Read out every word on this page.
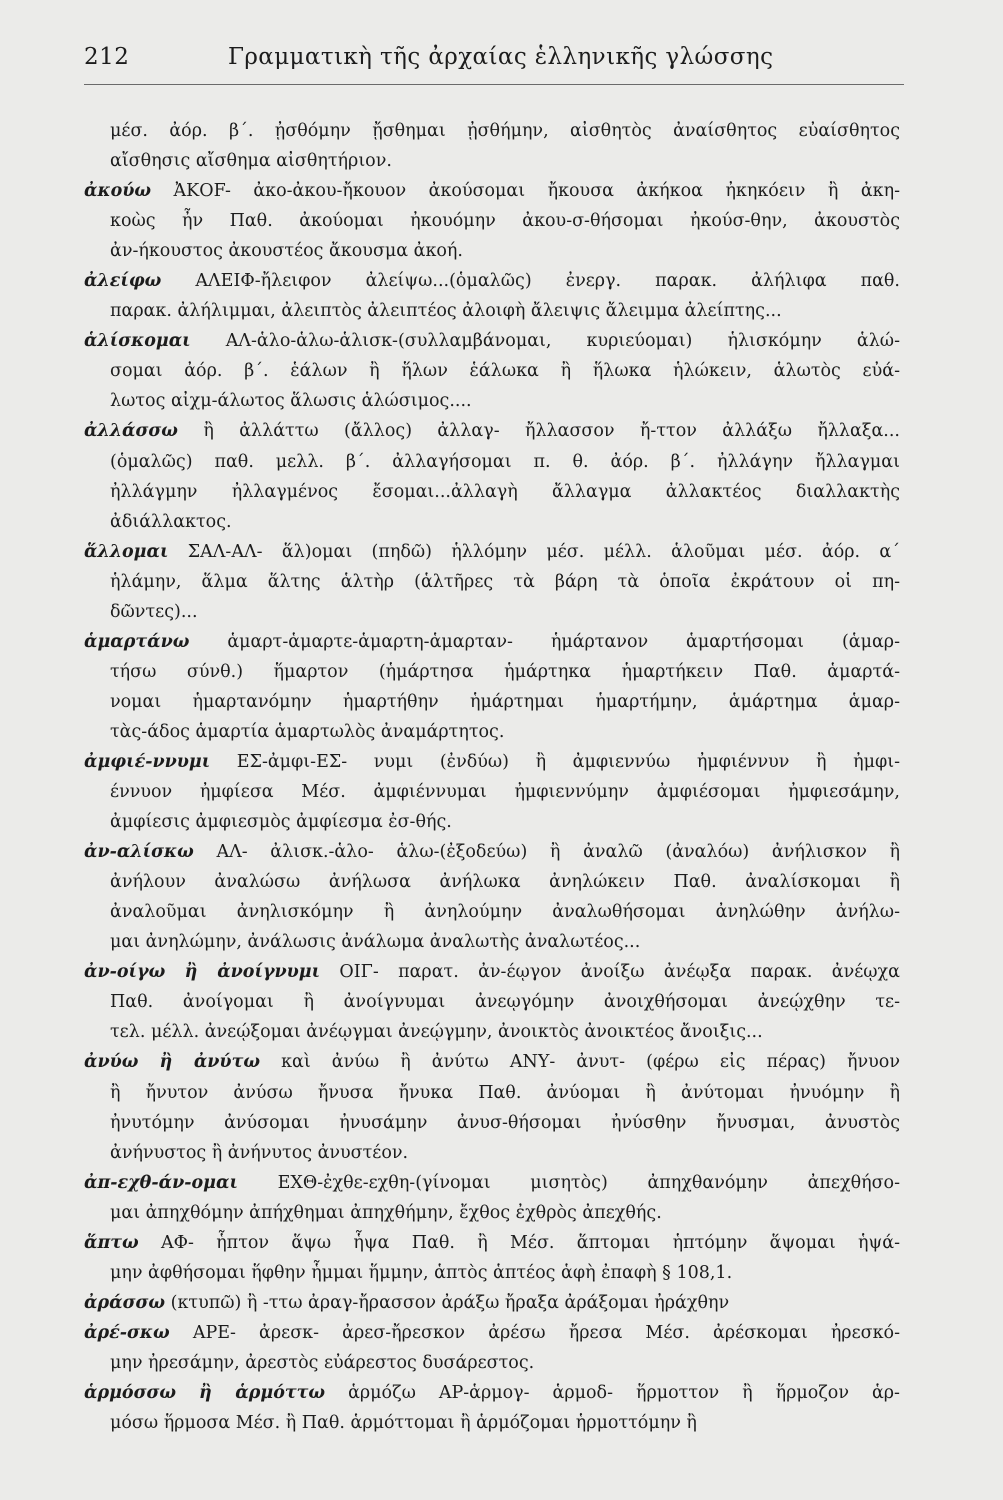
212	Γραμματικὴ τῆς ἀρχαίας ἑλληνικῆς γλώσσης
μέσ. ἀόρ. β΄. ᾐσθόμην ᾔσθημαι ᾐσθήμην, αἰσθητὸς ἀναίσθητος εὐαίσθητος
αἴσθησις αἴσθημα αἰσθητήριον.
ἀκούω ἈΚΟF- ἀκο-ἀκου-ἤκουον ἀκούσομαι ἤκουσα ἀκήκοα ἠκηκόειν ἢ ἀκη-
κοὼς ἦν Παθ. ἀκούομαι ἠκουόμην ἀκου-σ-θήσομαι ἠκούσ-θην, ἀκουστὸς
ἀν-ήκουστος ἀκουστέος ἄκουσμα ἀκοή.
ἀλείφω ΑΛΕΙΦ-ἤλειφον ἀλείψω...(ὁμαλῶς) ἐνεργ. παρακ. ἀλήλιφα παθ.
παρακ. ἀλήλιμμαι, ἀλειπτὸς ἀλειπτέος ἀλοιφὴ ἄλειψις ἄλειμμα ἀλείπτης...
ἁλίσκομαι ΑΛ-ἁλο-ἁλω-ἁλισκ-(συλλαμβάνομαι, κυριεύομαι) ἡλισκόμην ἁλώ-
σομαι ἀόρ. β΄. ἑάλων ἢ ἥλων ἑάλωκα ἢ ἥλωκα ἡλώκειν, ἁλωτὸς εὐά-
λωτος αἰχμ-άλωτος ἅλωσις ἁλώσιμος....
ἀλλάσσω ἢ ἀλλάττω (ἄλλος) ἀλλαγ- ἤλλασσον ἤ-ττον ἀλλάξω ἤλλαξα...
(ὁμαλῶς) παθ. μελλ. β΄. ἀλλαγήσομαι π. θ. ἀόρ. β΄. ἠλλάγην ἤλλαγμαι
ἠλλάγμην ἠλλαγμένος ἔσομαι...ἀλλαγὴ ἄλλαγμα ἀλλακτέος διαλλακτὴς
ἀδιάλλακτος.
ἅλλομαι ΣΑΛ-ΑΛ- ἅλ)ομαι (πηδῶ) ἡλλόμην μέσ. μέλλ. ἁλοῦμαι μέσ. ἀόρ. α΄
ἡλάμην, ἅλμα ἅλτης ἁλτὴρ (ἁλτῆρες τὰ βάρη τὰ ὁποῖα ἐκράτουν οἱ πη-
δῶντες)...
ἁμαρτάνω ἁμαρτ-ἁμαρτε-ἁμαρτη-ἁμαρταν- ἡμάρτανον ἁμαρτήσομαι (ἁμαρ-
τήσω σύνθ.) ἥμαρτον (ἡμάρτησα ἡμάρτηκα ἡμαρτήκειν Παθ. ἁμαρτά-
νομαι ἡμαρτανόμην ἡμαρτήθην ἡμάρτημαι ἡμαρτήμην, ἁμάρτημα ἁμαρ-
τὰς-άδος ἁμαρτία ἁμαρτωλὸς ἀναμάρτητος.
ἀμφιέ-ννυμι ΕΣ-ἀμφι-ΕΣ- νυμι (ἐνδύω) ἢ ἀμφιεννύω ἠμφιέννυν ἢ ἠμφι-
έννυον ἠμφίεσα Μέσ. ἀμφιέννυμαι ἠμφιεννύμην ἀμφιέσομαι ἠμφιεσάμην,
ἀμφίεσις ἀμφιεσμὸς ἀμφίεσμα ἐσ-θής.
ἀν-αλίσκω ΑΛ- ἀλισκ.-ἁλο- ἁλω-(ἐξοδεύω) ἢ ἀναλῶ (ἀναλόω) ἀνήλισκον ἢ
ἀνήλουν ἀναλώσω ἀνήλωσα ἀνήλωκα ἀνηλώκειν Παθ. ἀναλίσκομαι ἢ
ἀναλοῦμαι ἀνηλισκόμην ἢ ἀνηλούμην ἀναλωθήσομαι ἀνηλώθην ἀνήλω-
μαι ἀνηλώμην, ἀνάλωσις ἀνάλωμα ἀναλωτὴς ἀναλωτέος...
ἀν-οίγω ἢ ἀνοίγνυμι ΟΙΓ- παρατ. ἀν-έῳγον ἀνοίξω ἀνέῳξα παρακ. ἀνέῳχα
Παθ. ἀνοίγομαι ἢ ἀνοίγνυμαι ἀνεῳγόμην ἀνοιχθήσομαι ἀνεῴχθην τε-
τελ. μέλλ. ἀνεῴξομαι ἀνέῳγμαι ἀνεῴγμην, ἀνοικτὸς ἀνοικτέος ἄνοιξις...
ἀνύω ἢ ἀνύτω καὶ ἀνύω ἢ ἀνύτω ΑΝΥ- ἀνυτ- (φέρω εἰς πέρας) ἤνυον
ἢ ἤνυτον ἀνύσω ἤνυσα ἤνυκα Παθ. ἀνύομαι ἢ ἀνύτομαι ἠνυόμην ἢ
ἠνυτόμην ἀνύσομαι ἠνυσάμην ἀνυσ-θήσομαι ἠνύσθην ἤνυσμαι, ἀνυστὸς
ἀνήνυστος ἢ ἀνήνυτος ἀνυστέον.
ἀπ-εχθ-άν-ομαι ΕΧΘ-ἐχθε-εχθη-(γίνομαι μισητὸς) ἀπηχθανόμην ἀπεχθήσο-
μαι ἀπηχθόμην ἀπήχθημαι ἀπηχθήμην, ἔχθος ἐχθρὸς ἀπεχθής.
ἅπτω ΑΦ- ἧπτον ἅψω ἧψα Παθ. ἢ Μέσ. ἅπτομαι ἡπτόμην ἅψομαι ἡψά-
μην ἀφθήσομαι ἥφθην ἧμμαι ἥμμην, ἁπτὸς ἁπτέος ἁφὴ ἐπαφὴ § 108,1.
ἀράσσω (κτυπῶ) ἢ -ττω ἀραγ-ἤρασσον ἀράξω ἤραξα ἀράξομαι ἠράχθην
ἀρέ-σκω ΑΡΕ- ἀρεσκ- ἀρεσ-ἤρεσκον ἀρέσω ἤρεσα Μέσ. ἀρέσκομαι ἠρεσκό-
μην ἠρεσάμην, ἀρεστὸς εὐάρεστος δυσάρεστος.
ἁρμόσσω ἢ ἁρμόττω ἁρμόζω ΑΡ-ἁρμογ- ἁρμοδ- ἥρμοττον ἢ ἥρμοζον ἁρ-
μόσω ἥρμοσα Μέσ. ἢ Παθ. ἁρμόττομαι ἢ ἁρμόζομαι ἡρμοττόμην ἢ
